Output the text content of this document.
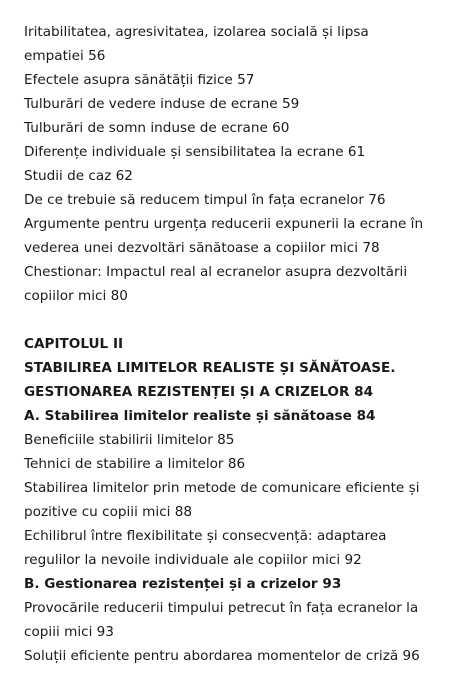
Iritabilitatea, agresivitatea, izolarea socială și lipsa
empatiei 56

Efectele asupra sănătății fizice 57

Tulburări de vedere induse de ecrane 59

Tulburări de somn induse de ecrane 60

Diferențe individuale și sensibilitatea la ecrane 61

Studii de caz 62

De ce trebuie să reducem timpul în fața ecranelor 76

Argumente pentru urgența reducerii expunerii la ecrane în
vederea unei dezvoltări sănătoase a copiilor mici 78

Chestionar: Impactul real al ecranelor asupra dezvoltării
copiilor mici 80

CAPITOLUL II

STABILIREA LIMITELOR REALISTE ȘI SĂNĂTOASE.

GESTIONAREA REZISTENȚEI ȘI A CRIZELOR 84

A. Stabilirea limitelor realiste și sănătoase 84

Beneficiile stabilirii limitelor 85

Tehnici de stabilire a limitelor 86

Stabilirea limitelor prin metode de comunicare eficiente și
pozitive cu copiii mici 88

Echilibrul între flexibilitate și consecvență: adaptarea
regulilor la nevoile individuale ale copiilor mici 92

B. Gestionarea rezistenței și a crizelor 93

Provocările reducerii timpului petrecut în fața ecranelor la
copiii mici 93

Soluții eficiente pentru abordarea momentelor de criză 96
